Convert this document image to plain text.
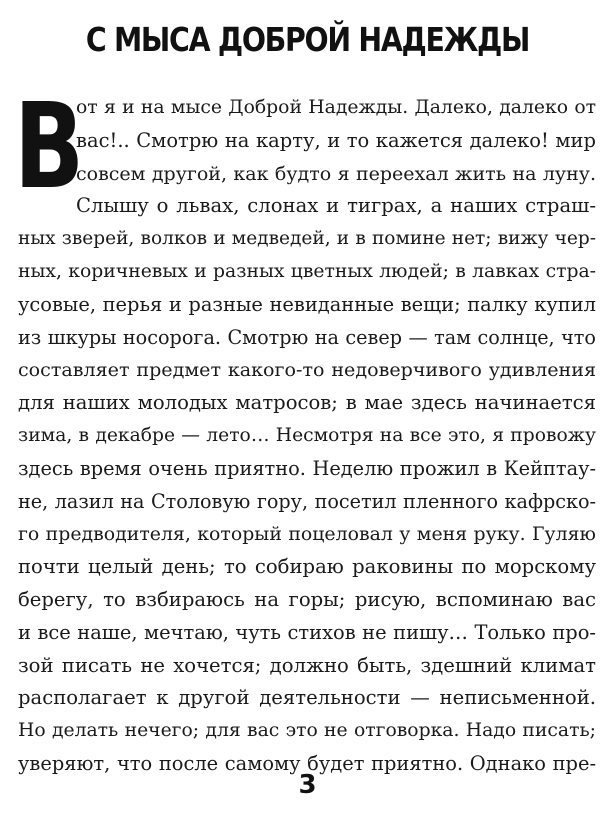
С МЫСА ДОБРОЙ НАДЕЖДЫ
В
от я и на мысе Доброй Надежды. Далеко, далеко от
вас!.. Смотрю на карту, и то кажется далеко! мир
совсем другой, как будто я переехал жить на луну.
Слышу о львах, слонах и тиграх, а наших страш-
ных зверей, волков и медведей, и в помине нет; вижу чер-
ных, коричневых и разных цветных людей; в лавках стра-
усовые, перья и разные невиданные вещи; палку купил
из шкуры носорога. Смотрю на север — там солнце, что
составляет предмет какого-то недоверчивого удивления
для наших молодых матросов; в мае здесь начинается
зима, в декабре — лето… Несмотря на все это, я провожу
здесь время очень приятно. Неделю прожил в Кейптау-
не, лазил на Столовую гору, посетил пленного кафрско-
го предводителя, который поцеловал у меня руку. Гуляю
почти целый день; то собираю раковины по морскому
берегу, то взбираюсь на горы; рисую, вспоминаю вас
и все наше, мечтаю, чуть стихов не пишу… Только про-
зой писать не хочется; должно быть, здешний климат
располагает к другой деятельности — неписьменной.
Но делать нечего; для вас это не отговорка. Надо писать;
уверяют, что после самому будет приятно. Однако пре-
3
